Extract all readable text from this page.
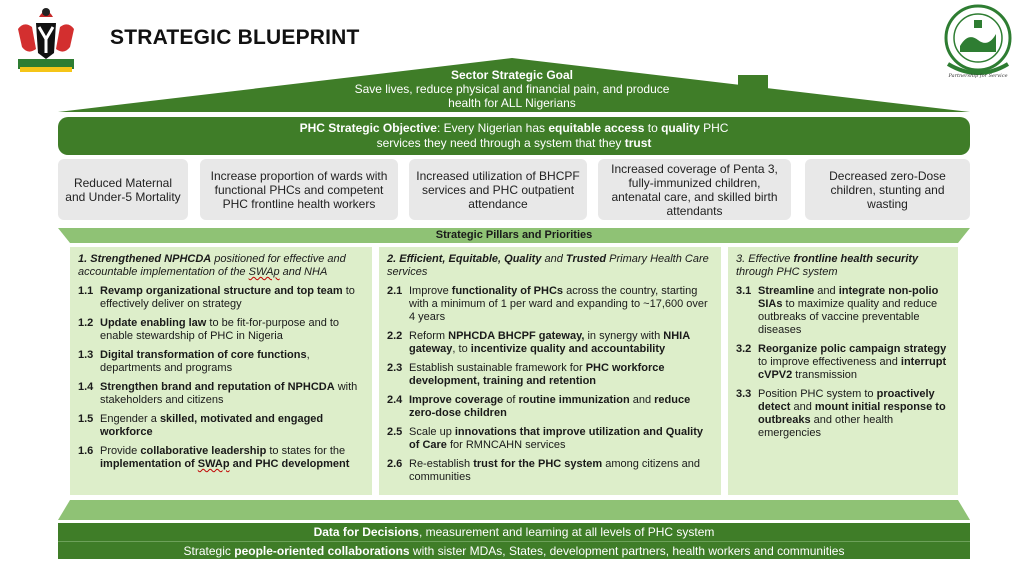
STRATEGIC BLUEPRINT
Partnership for Service
Sector Strategic Goal
Save lives, reduce physical and financial pain, and produce
health for ALL Nigerians
PHC Strategic Objective: Every Nigerian has equitable access to quality PHC
services they need through a system that they trust
Reduced Maternal and Under-5 Mortality
Increase proportion of wards with functional PHCs and competent PHC frontline health workers
Increased utilization of BHCPF services and PHC outpatient attendance
Increased coverage of Penta 3, fully-immunized children, antenatal care, and skilled birth attendants
Decreased zero-Dose children, stunting and wasting
Strategic Pillars and Priorities
1. Strengthened NPHCDA positioned for effective and accountable implementation of the SWAp and NHA
1.1 Revamp organizational structure and top team to effectively deliver on strategy
1.2 Update enabling law to be fit-for-purpose and to enable stewardship of PHC in Nigeria
1.3 Digital transformation of core functions, departments and programs
1.4 Strengthen brand and reputation of NPHCDA with stakeholders and citizens
1.5 Engender a skilled, motivated and engaged workforce
1.6 Provide collaborative leadership to states for the implementation of SWAp and PHC development
2. Efficient, Equitable, Quality and Trusted Primary Health Care services
2.1 Improve functionality of PHCs across the country, starting with a minimum of 1 per ward and expanding to ~17,600 over 4 years
2.2 Reform NPHCDA BHCPF gateway, in synergy with NHIA gateway, to incentivize quality and accountability
2.3 Establish sustainable framework for PHC workforce development, training and retention
2.4 Improve coverage of routine immunization and reduce zero-dose children
2.5 Scale up innovations that improve utilization and Quality of Care for RMNCAHN services
2.6 Re-establish trust for the PHC system among citizens and communities
3. Effective frontline health security through PHC system
3.1 Streamline and integrate non-polio SIAs to maximize quality and reduce outbreaks of vaccine preventable diseases
3.2 Reorganize polic campaign strategy to improve effectiveness and interrupt cVPV2 transmission
3.3 Position PHC system to proactively detect and mount initial response to outbreaks and other health emergencies
Data for Decisions, measurement and learning at all levels of PHC system
Strategic people-oriented collaborations with sister MDAs, States, development partners, health workers and communities
